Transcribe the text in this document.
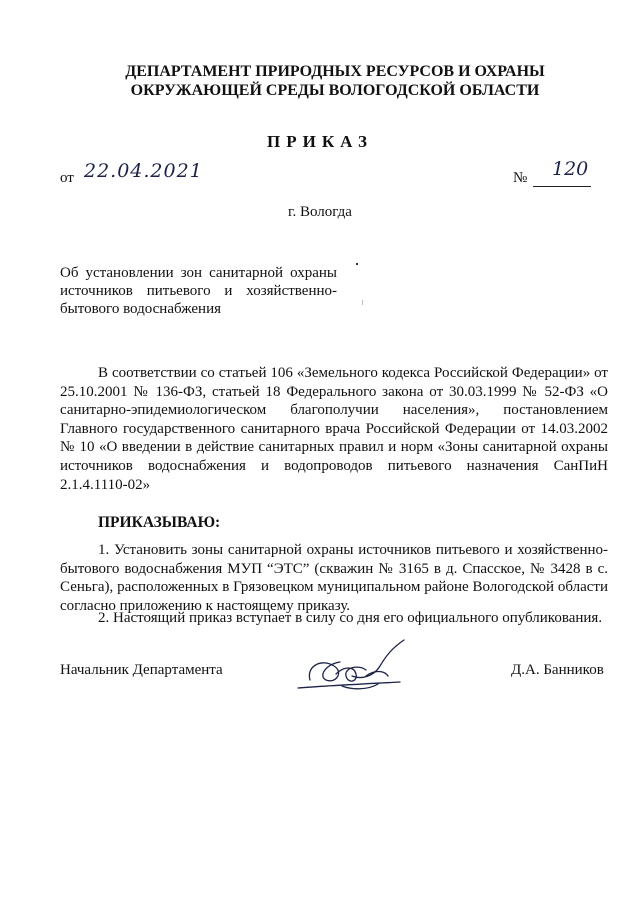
ДЕПАРТАМЕНТ ПРИРОДНЫХ РЕСУРСОВ И ОХРАНЫ
ОКРУЖАЮЩЕЙ СРЕДЫ ВОЛОГОДСКОЙ ОБЛАСТИ
ПРИКАЗ
от 22.04.2021	№ 120
г. Вологда
Об установлении зон санитарной охраны источников питьевого и хозяйственно-бытового водоснабжения
В соответствии со статьей 106 «Земельного кодекса Российской Федерации» от 25.10.2001 № 136-ФЗ, статьей 18 Федерального закона от 30.03.1999 № 52-ФЗ «О санитарно-эпидемиологическом благополучии населения», постановлением Главного государственного санитарного врача Российской Федерации от 14.03.2002 № 10 «О введении в действие санитарных правил и норм «Зоны санитарной охраны источников водоснабжения и водопроводов питьевого назначения СанПиН 2.1.4.1110-02»
ПРИКАЗЫВАЮ:
1. Установить зоны санитарной охраны источников питьевого и хозяйственно-бытового водоснабжения МУП “ЭТС” (скважин № 3165 в д. Спасское, № 3428 в с. Сеньга), расположенных в Грязовецком муниципальном районе Вологодской области согласно приложению к настоящему приказу.
2. Настоящий приказ вступает в силу со дня его официального опубликования.
Начальник Департамента	Д.А. Банников
